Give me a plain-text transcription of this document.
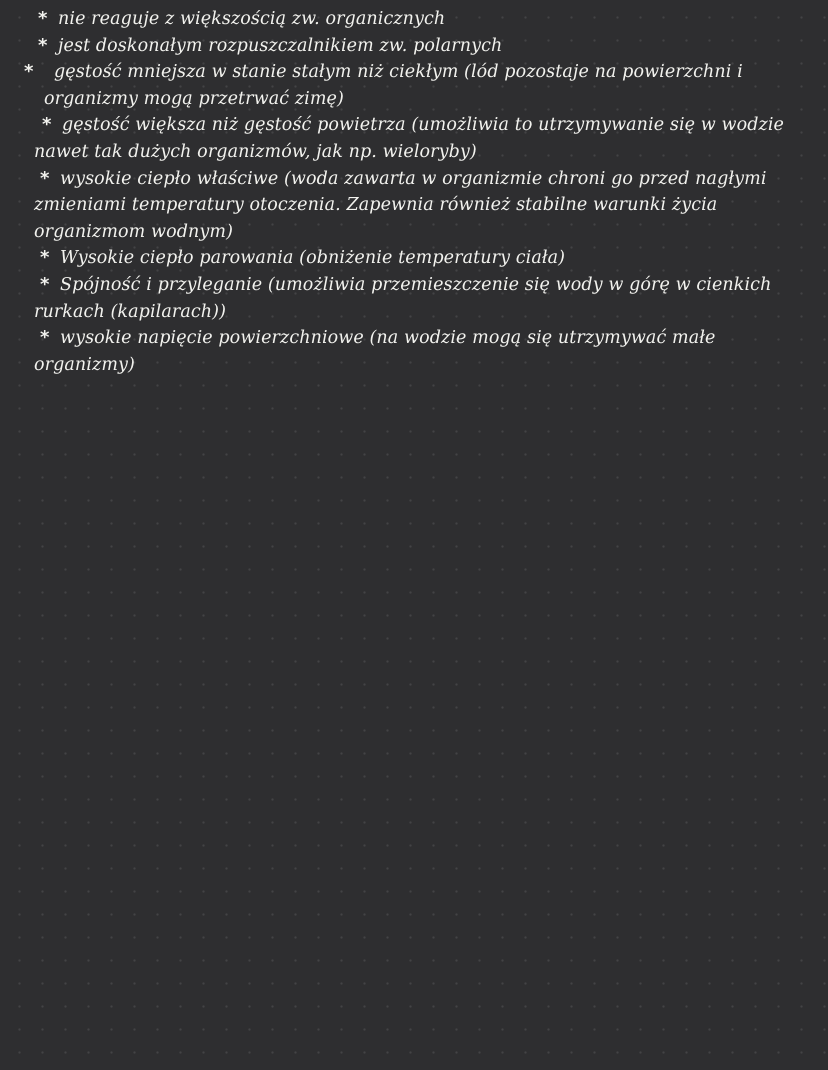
* nie reaguje z większością zw. organicznych

* jest doskonałym rozpuszczalnikiem zw. polarnych

* gęstość mniejsza w stanie stałym niż ciekłym (lód pozostaje na powierzchni i organizmy mogą przetrwać zimę)

* gęstość większa niż gęstość powietrza (umożliwia to utrzymywanie się w wodzie nawet tak dużych organizmów, jak np. wieloryby)

* wysokie ciepło właściwe (woda zawarta w organizmie chroni go przed nagłymi zmieniami temperatury otoczenia. Zapewnia również stabilne warunki życia organizmom wodnym)

* Wysokie ciepło parowania (obniżenie temperatury ciała)

* Spójność i przyleganie (umożliwia przemieszczenie się wody w górę w cienkich rurkach (kapilarach))

* wysokie napięcie powierzchniowe (na wodzie mogą się utrzymywać małe organizmy)
